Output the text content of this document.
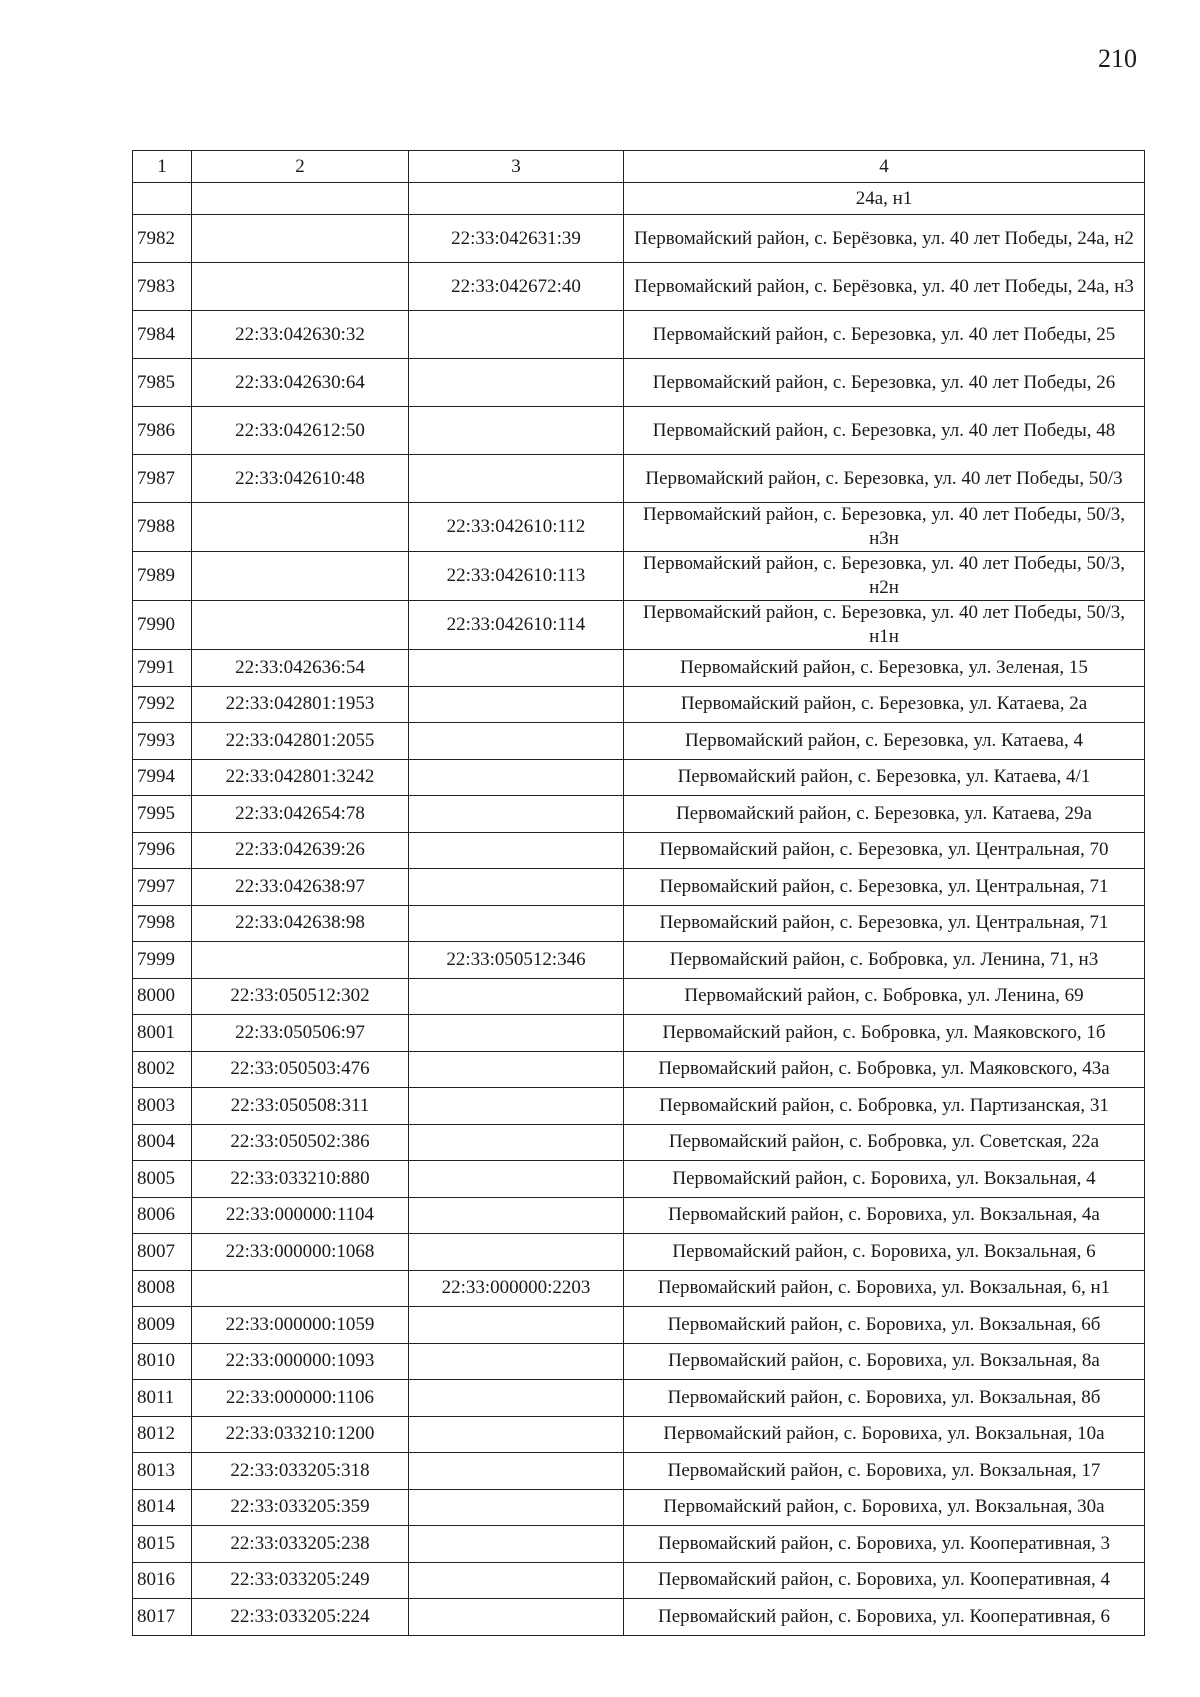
210
1	2	3	4
			24а, н1
7982		22:33:042631:39	Первомайский район, с. Берёзовка, ул. 40 лет Победы, 24а, н2
7983		22:33:042672:40	Первомайский район, с. Берёзовка, ул. 40 лет Победы, 24а, н3
7984	22:33:042630:32		Первомайский район, с. Березовка, ул. 40 лет Победы, 25
7985	22:33:042630:64		Первомайский район, с. Березовка, ул. 40 лет Победы, 26
7986	22:33:042612:50		Первомайский район, с. Березовка, ул. 40 лет Победы, 48
7987	22:33:042610:48		Первомайский район, с. Березовка, ул. 40 лет Победы, 50/3
7988		22:33:042610:112	Первомайский район, с. Березовка, ул. 40 лет Победы, 50/3, н3н
7989		22:33:042610:113	Первомайский район, с. Березовка, ул. 40 лет Победы, 50/3, н2н
7990		22:33:042610:114	Первомайский район, с. Березовка, ул. 40 лет Победы, 50/3, н1н
7991	22:33:042636:54		Первомайский район, с. Березовка, ул. Зеленая, 15
7992	22:33:042801:1953		Первомайский район, с. Березовка, ул. Катаева, 2а
7993	22:33:042801:2055		Первомайский район, с. Березовка, ул. Катаева, 4
7994	22:33:042801:3242		Первомайский район, с. Березовка, ул. Катаева, 4/1
7995	22:33:042654:78		Первомайский район, с. Березовка, ул. Катаева, 29а
7996	22:33:042639:26		Первомайский район, с. Березовка, ул. Центральная, 70
7997	22:33:042638:97		Первомайский район, с. Березовка, ул. Центральная, 71
7998	22:33:042638:98		Первомайский район, с. Березовка, ул. Центральная, 71
7999		22:33:050512:346	Первомайский район, с. Бобровка, ул. Ленина, 71, н3
8000	22:33:050512:302		Первомайский район, с. Бобровка, ул. Ленина, 69
8001	22:33:050506:97		Первомайский район, с. Бобровка, ул. Маяковского, 1б
8002	22:33:050503:476		Первомайский район, с. Бобровка, ул. Маяковского, 43а
8003	22:33:050508:311		Первомайский район, с. Бобровка, ул. Партизанская, 31
8004	22:33:050502:386		Первомайский район, с. Бобровка, ул. Советская, 22а
8005	22:33:033210:880		Первомайский район, с. Боровиха, ул. Вокзальная, 4
8006	22:33:000000:1104		Первомайский район, с. Боровиха, ул. Вокзальная, 4а
8007	22:33:000000:1068		Первомайский район, с. Боровиха, ул. Вокзальная, 6
8008		22:33:000000:2203	Первомайский район, с. Боровиха, ул. Вокзальная, 6, н1
8009	22:33:000000:1059		Первомайский район, с. Боровиха, ул. Вокзальная, 6б
8010	22:33:000000:1093		Первомайский район, с. Боровиха, ул. Вокзальная, 8а
8011	22:33:000000:1106		Первомайский район, с. Боровиха, ул. Вокзальная, 8б
8012	22:33:033210:1200		Первомайский район, с. Боровиха, ул. Вокзальная, 10а
8013	22:33:033205:318		Первомайский район, с. Боровиха, ул. Вокзальная, 17
8014	22:33:033205:359		Первомайский район, с. Боровиха, ул. Вокзальная, 30а
8015	22:33:033205:238		Первомайский район, с. Боровиха, ул. Кооперативная, 3
8016	22:33:033205:249		Первомайский район, с. Боровиха, ул. Кооперативная, 4
8017	22:33:033205:224		Первомайский район, с. Боровиха, ул. Кооперативная, 6
